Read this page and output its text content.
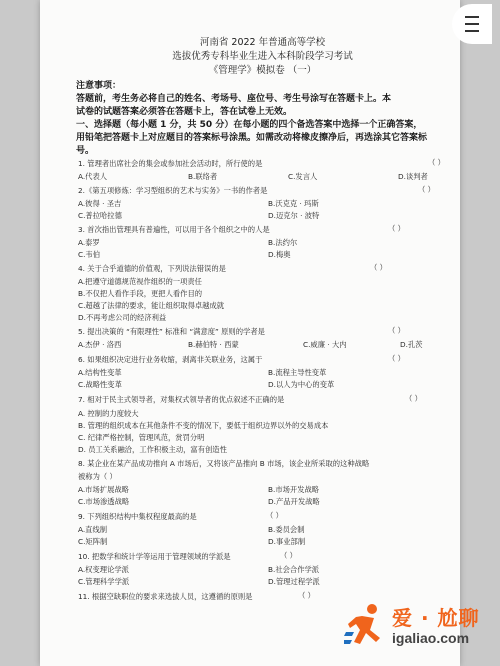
河南省 2022 年普通高等学校
选拔优秀专科毕业生进入本科阶段学习考试
《管理学》模拟卷 （一）
注意事项：
答题前，考生务必将自己的姓名、考场号、座位号、考生号涂写在答题卡上。本
试卷的试题答案必须答在答题卡上，答在试卷上无效。
一、选择题（每小题 1 分，共 50 分）在每小题的四个备选答案中选择一个正确答案，
用铅笔把答题卡上对应题目的答案标号涂黑。如需改动将橡皮擦净后，再选涂其它答案标
号。
1. 管理者出席社会的集会或参加社会活动时，所行使的是	（ ）
A.代表人	B.联络者	C.发言人	D.谈判者
2.《第五项修炼：学习型组织的艺术与实务》一书的作者是	（ ）
A.彼得 · 圣吉	B.沃克克 · 玛斯
C.普拉哈拉德	D.迈克尔 · 波特
3. 首次指出管理具有普遍性，可以用于各个组织之中的人是	（ ）
A.泰罗	B.法约尔
C.韦伯	D.梅奥
4. 关于合乎道德的价值观，下列说法错误的是	（ ）
A.把遵守道德规范视作组织的一项责任
B.不仅把人看作手段，更把人看作目的
C.超越了法律的要求，能让组织取得卓越成就
D.不再考虑公司的经济利益
5. 提出决策的 “有限理性” 标准和 “满意度” 原则的学者是	（ ）
A.杰伊 · 洛西	B.赫伯特 · 西蒙	C.威廉 · 大内	D.孔茨
6. 如果组织决定进行业务收缩，剥离非关联业务，这属于	（ ）
A.结构性变革	B.流程主导性变革
C.战略性变革	D.以人为中心的变革
7. 相对于民主式领导者，对集权式领导者的优点叙述不正确的是	（ ）
A. 控制的力度较大
B. 管理的组织成本在其他条件不变的情况下，要低于组织边界以外的交易成本
C. 纪律严格控制，管理风范，赏罚分明
D. 员工关系融洽，工作积极主动，富有创造性
8. 某企业在某产品成功推向 A 市场后，又将该产品推向 B 市场，该企业所采取的这种战略
被称为（ ）
A.市场扩展战略	B.市场开发战略
C.市场渗透战略	D.产品开发战略
9. 下列组织结构中集权程度最高的是	（ ）
A.直线制	B.委员会制
C.矩阵制	D.事业部制
10. 把数学和统计学等运用于管理领域的学派是	（ ）
A.权变理论学派	B.社会合作学派
C.管理科学学派	D.管理过程学派
11. 根据空缺职位的要求来选拔人员，这遵循的原则是	（ ）
爱 · 尬聊
igaliao.com
